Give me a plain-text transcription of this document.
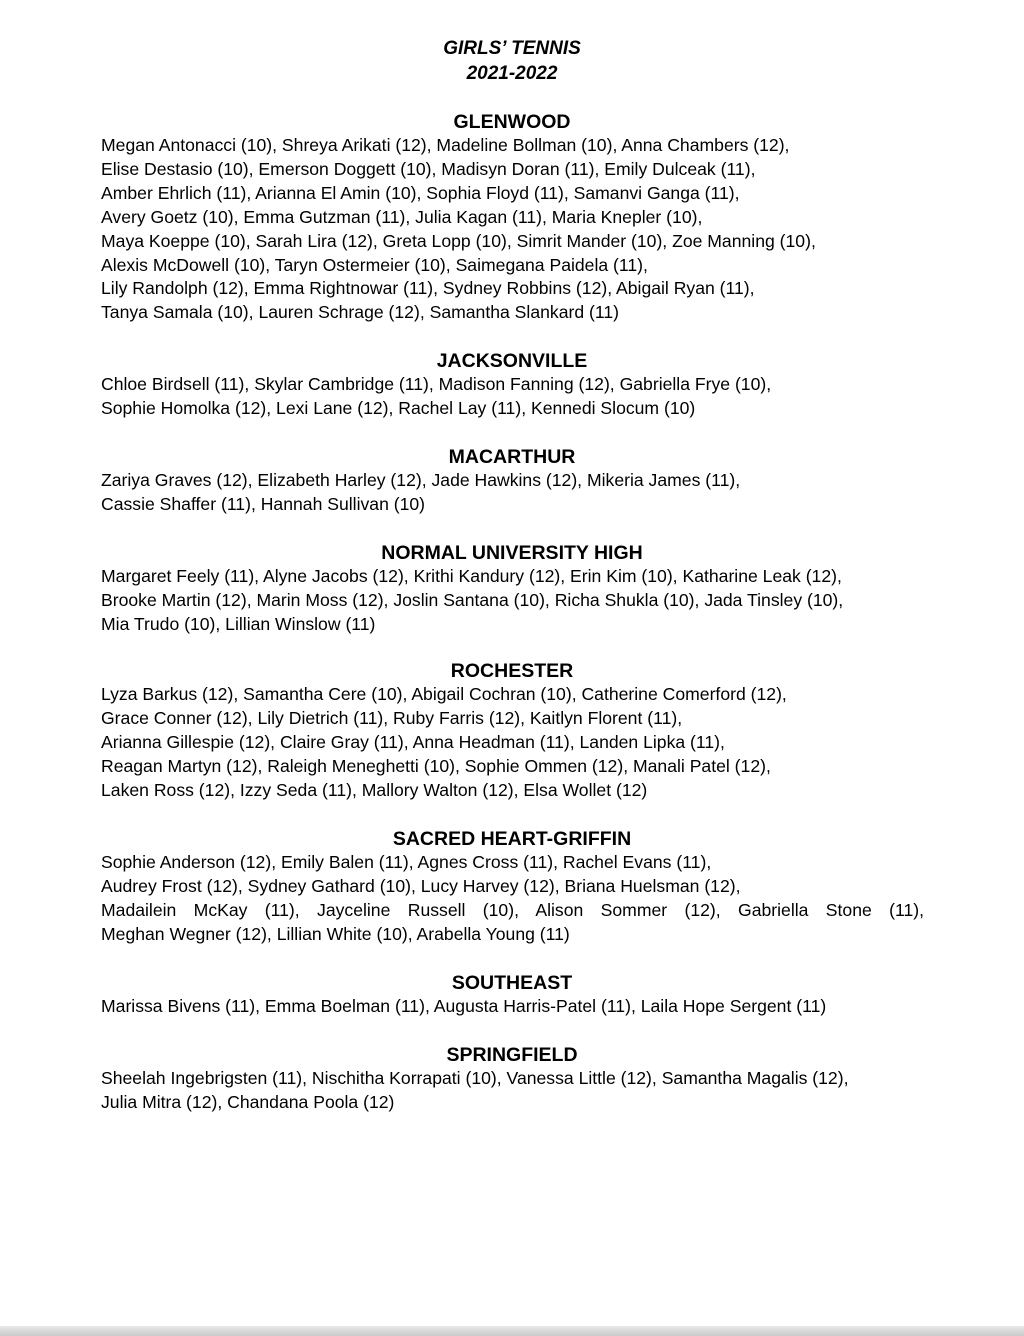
GIRLS’ TENNIS
2021-2022
GLENWOOD
Megan Antonacci (10), Shreya Arikati (12), Madeline Bollman (10), Anna Chambers (12),
Elise Destasio (10), Emerson Doggett (10), Madisyn Doran (11), Emily Dulceak (11),
Amber Ehrlich (11), Arianna El Amin (10), Sophia Floyd (11), Samanvi Ganga (11),
Avery Goetz (10), Emma Gutzman (11), Julia Kagan (11), Maria Knepler (10),
Maya Koeppe (10), Sarah Lira (12), Greta Lopp (10), Simrit Mander (10), Zoe Manning (10),
Alexis McDowell (10), Taryn Ostermeier (10), Saimegana Paidela (11),
Lily Randolph (12), Emma Rightnowar (11), Sydney Robbins (12), Abigail Ryan (11),
Tanya Samala (10), Lauren Schrage (12), Samantha Slankard (11)
JACKSONVILLE
Chloe Birdsell (11), Skylar Cambridge (11), Madison Fanning (12), Gabriella Frye (10),
Sophie Homolka (12), Lexi Lane (12), Rachel Lay (11), Kennedi Slocum (10)
MACARTHUR
Zariya Graves (12), Elizabeth Harley (12), Jade Hawkins (12), Mikeria James (11),
Cassie Shaffer (11), Hannah Sullivan (10)
NORMAL UNIVERSITY HIGH
Margaret Feely (11), Alyne Jacobs (12), Krithi Kandury (12), Erin Kim (10), Katharine Leak (12),
Brooke Martin (12), Marin Moss (12), Joslin Santana (10), Richa Shukla (10), Jada Tinsley (10),
Mia Trudo (10), Lillian Winslow (11)
ROCHESTER
Lyza Barkus (12), Samantha Cere (10), Abigail Cochran (10), Catherine Comerford (12),
Grace Conner (12), Lily Dietrich (11), Ruby Farris (12), Kaitlyn Florent (11),
Arianna Gillespie (12), Claire Gray (11), Anna Headman (11), Landen Lipka (11),
Reagan Martyn (12), Raleigh Meneghetti (10), Sophie Ommen (12), Manali Patel (12),
Laken Ross (12), Izzy Seda (11), Mallory Walton (12), Elsa Wollet (12)
SACRED HEART-GRIFFIN
Sophie Anderson (12), Emily Balen (11), Agnes Cross (11), Rachel Evans (11),
Audrey Frost (12), Sydney Gathard (10), Lucy Harvey (12), Briana Huelsman (12),
Madailein McKay (11), Jayceline Russell (10), Alison Sommer (12), Gabriella Stone (11),
Meghan Wegner (12), Lillian White (10), Arabella Young (11)
SOUTHEAST
Marissa Bivens (11), Emma Boelman (11), Augusta Harris-Patel (11), Laila Hope Sergent (11)
SPRINGFIELD
Sheelah Ingebrigsten (11), Nischitha Korrapati (10), Vanessa Little (12), Samantha Magalis (12),
Julia Mitra (12), Chandana Poola (12)
